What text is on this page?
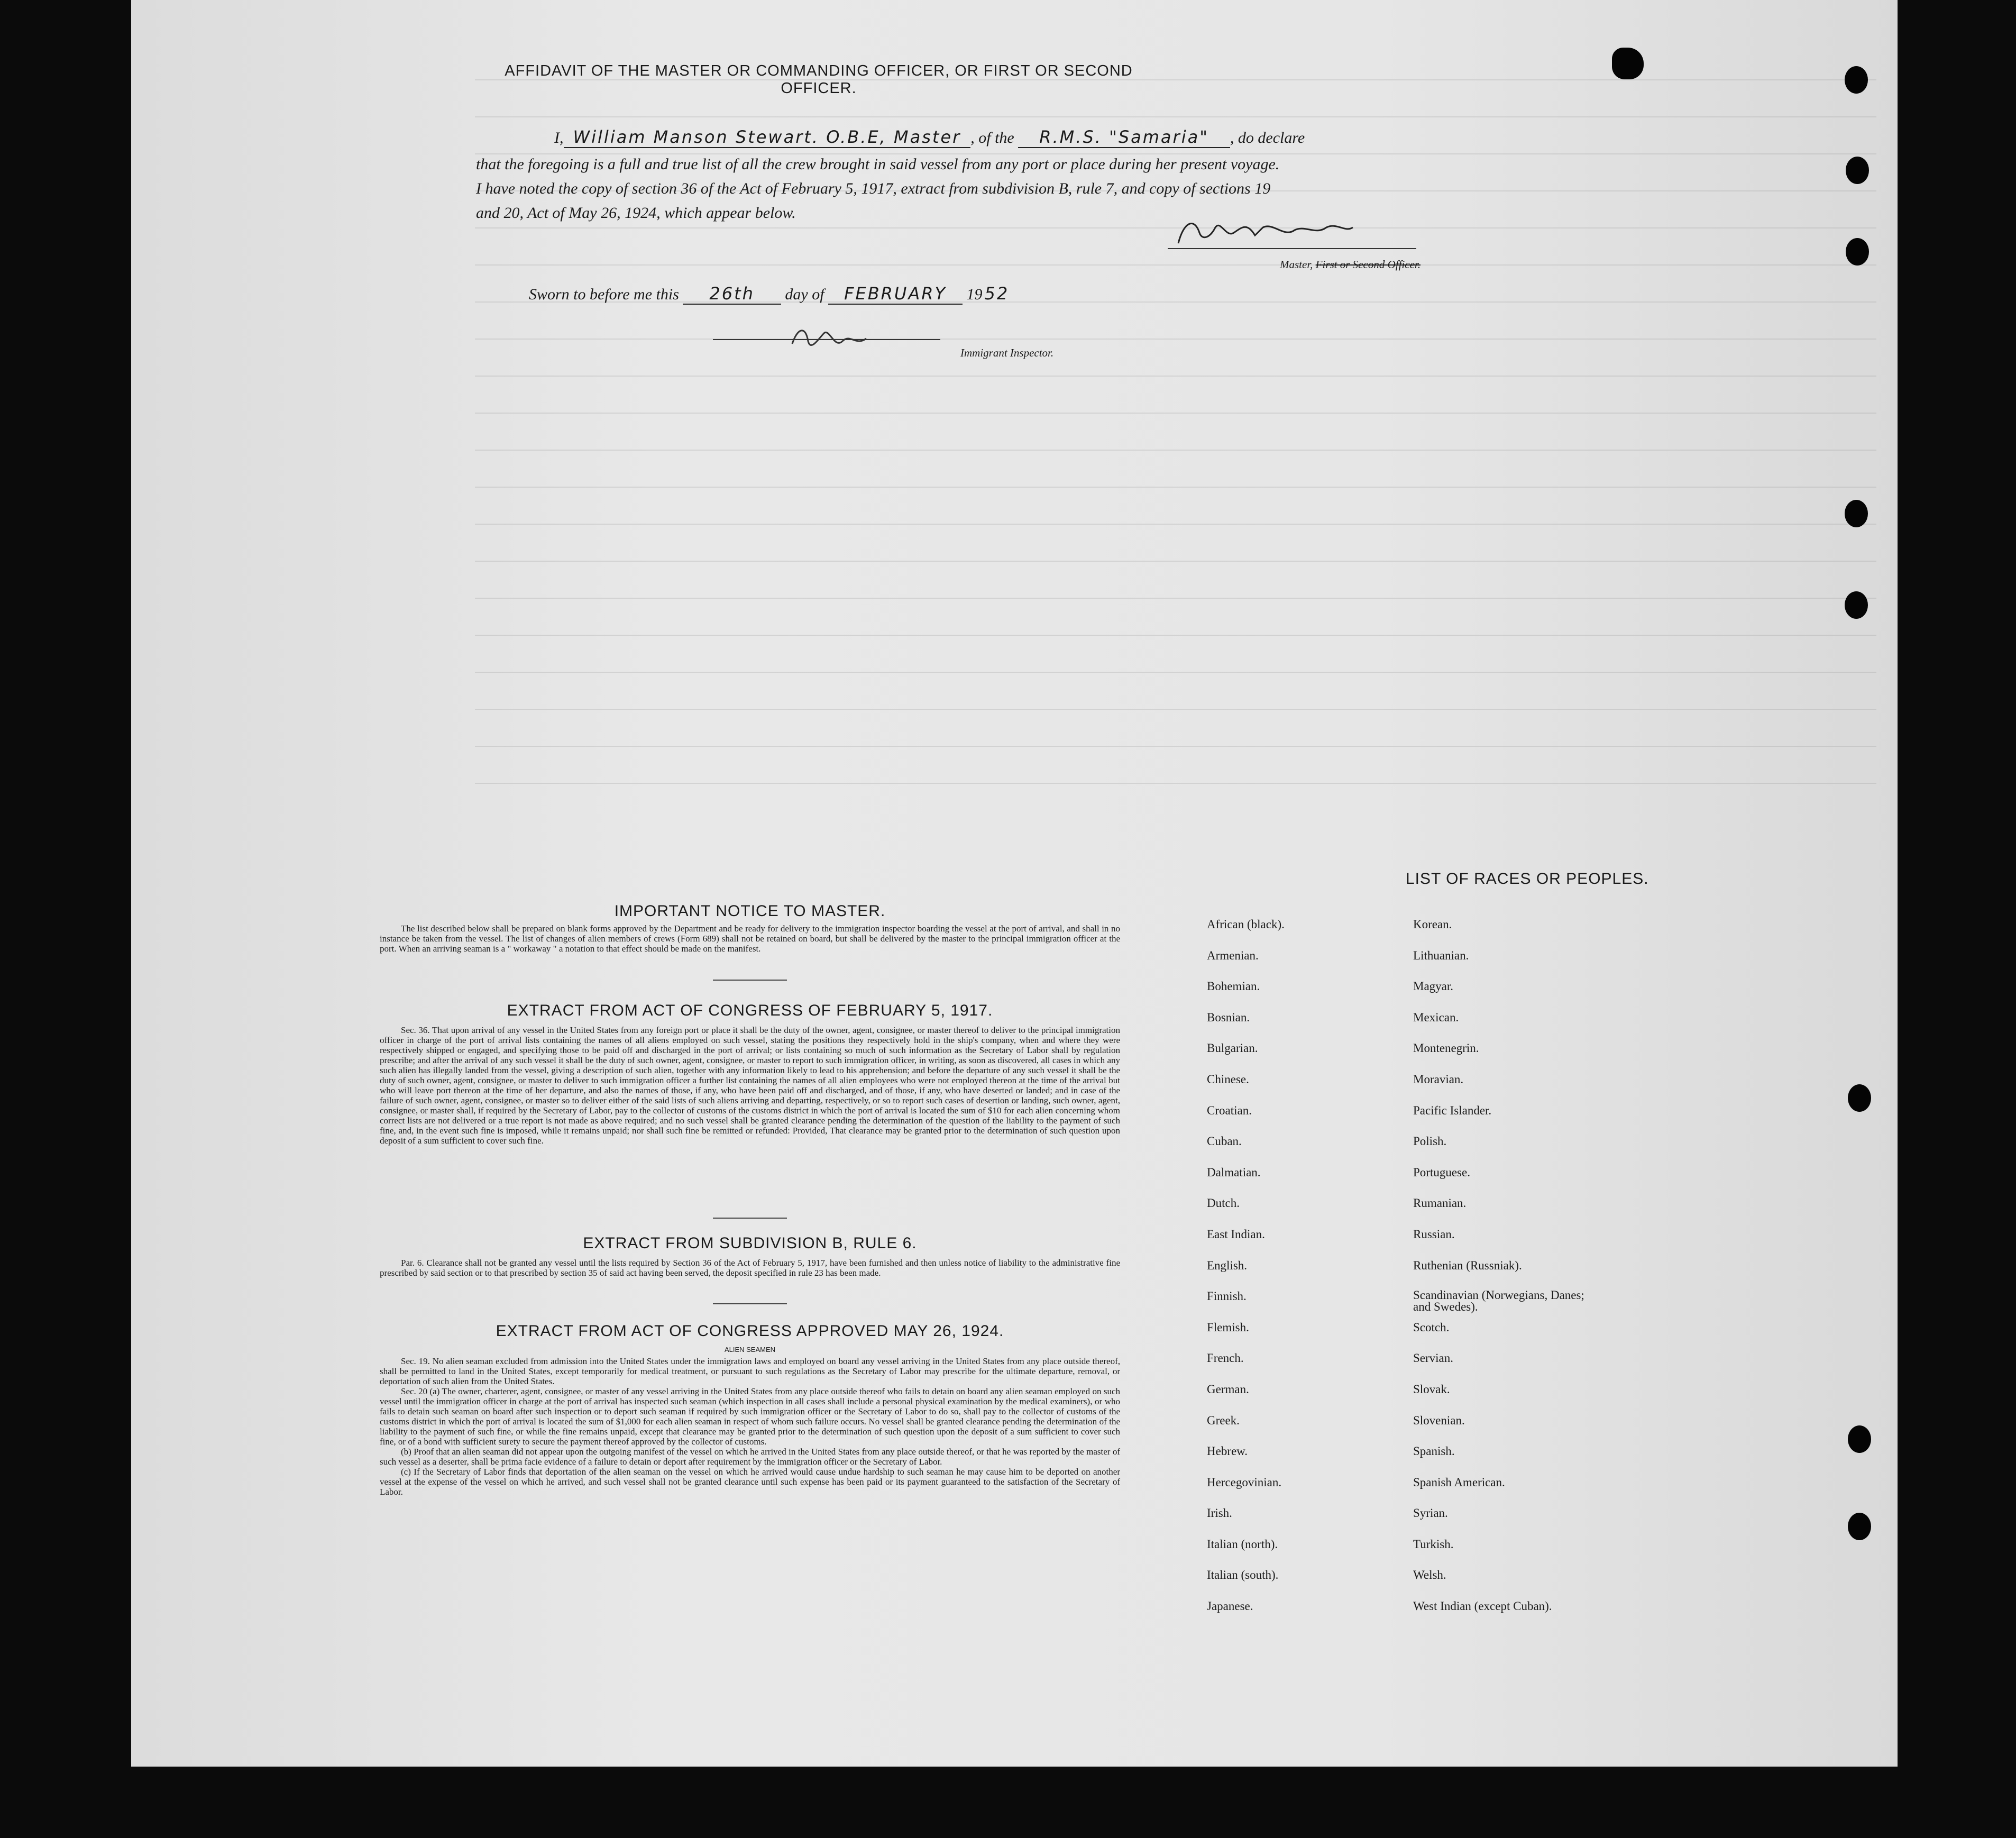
AFFIDAVIT OF THE MASTER OR COMMANDING OFFICER, OR FIRST OR SECOND OFFICER.
I, William Manson Stewart. O.B.E, Master , of the R.M.S. "Samaria" , do declare
that the foregoing is a full and true list of all the crew brought in said vessel from any port or place during her present voyage.
I have noted the copy of section 36 of the Act of February 5, 1917, extract from subdivision B, rule 7, and copy of sections 19
and 20, Act of May 26, 1924, which appear below.
Master, First or Second Officer.
Sworn to before me this 26th day of FEBRUARY 19 52
Immigrant Inspector.
IMPORTANT NOTICE TO MASTER.

The list described below shall be prepared on blank forms approved by the Department and be ready for delivery to the immigration inspector boarding the vessel at the port of arrival, and shall in no instance be taken from the vessel. The list of changes of alien members of crews (Form 689) shall not be retained on board, but shall be delivered by the master to the principal immigration officer at the port. When an arriving seaman is a " workaway " a notation to that effect should be made on the manifest.

EXTRACT FROM ACT OF CONGRESS OF FEBRUARY 5, 1917.

Sec. 36. That upon arrival of any vessel in the United States from any foreign port or place it shall be the duty of the owner, agent, consignee, or master thereof to deliver to the principal immigration officer in charge of the port of arrival lists containing the names of all aliens employed on such vessel, stating the positions they respectively hold in the ship's company, when and where they were respectively shipped or engaged, and specifying those to be paid off and discharged in the port of arrival; or lists containing so much of such information as the Secretary of Labor shall by regulation prescribe; and after the arrival of any such vessel it shall be the duty of such owner, agent, consignee, or master to report to such immigration officer, in writing, as soon as discovered, all cases in which any such alien has illegally landed from the vessel, giving a description of such alien, together with any information likely to lead to his apprehension; and before the departure of any such vessel it shall be the duty of such owner, agent, consignee, or master to deliver to such immigration officer a further list containing the names of all alien employees who were not employed thereon at the time of the arrival but who will leave port thereon at the time of her departure, and also the names of those, if any, who have been paid off and discharged, and of those, if any, who have deserted or landed; and in case of the failure of such owner, agent, consignee, or master so to deliver either of the said lists of such aliens arriving and departing, respectively, or so to report such cases of desertion or landing, such owner, agent, consignee, or master shall, if required by the Secretary of Labor, pay to the collector of customs of the customs district in which the port of arrival is located the sum of $10 for each alien concerning whom correct lists are not delivered or a true report is not made as above required; and no such vessel shall be granted clearance pending the determination of the question of the liability to the payment of such fine, and, in the event such fine is imposed, while it remains unpaid; nor shall such fine be remitted or refunded: Provided, That clearance may be granted prior to the determination of such question upon deposit of a sum sufficient to cover such fine.

EXTRACT FROM SUBDIVISION B, RULE 6.

Par. 6. Clearance shall not be granted any vessel until the lists required by Section 36 of the Act of February 5, 1917, have been furnished and then unless notice of liability to the administrative fine prescribed by said section or to that prescribed by section 35 of said act having been served, the deposit specified in rule 23 has been made.

EXTRACT FROM ACT OF CONGRESS APPROVED MAY 26, 1924.
ALIEN SEAMEN

Sec. 19. No alien seaman excluded from admission into the United States under the immigration laws and employed on board any vessel arriving in the United States from any place outside thereof, shall be permitted to land in the United States, except temporarily for medical treatment, or pursuant to such regulations as the Secretary of Labor may prescribe for the ultimate departure, removal, or deportation of such alien from the United States.

Sec. 20 (a) The owner, charterer, agent, consignee, or master of any vessel arriving in the United States from any place outside thereof who fails to detain on board any alien seaman employed on such vessel until the immigration officer in charge at the port of arrival has inspected such seaman (which inspection in all cases shall include a personal physical examination by the medical examiners), or who fails to detain such seaman on board after such inspection or to deport such seaman if required by such immigration officer or the Secretary of Labor to do so, shall pay to the collector of customs of the customs district in which the port of arrival is located the sum of $1,000 for each alien seaman in respect of whom such failure occurs. No vessel shall be granted clearance pending the determination of the liability to the payment of such fine, or while the fine remains unpaid, except that clearance may be granted prior to the determination of such question upon the deposit of a sum sufficient to cover such fine, or of a bond with sufficient surety to secure the payment thereof approved by the collector of customs.

(b) Proof that an alien seaman did not appear upon the outgoing manifest of the vessel on which he arrived in the United States from any place outside thereof, or that he was reported by the master of such vessel as a deserter, shall be prima facie evidence of a failure to detain or deport after requirement by the immigration officer or the Secretary of Labor.

(c) If the Secretary of Labor finds that deportation of the alien seaman on the vessel on which he arrived would cause undue hardship to such seaman he may cause him to be deported on another vessel at the expense of the vessel on which he arrived, and such vessel shall not be granted clearance until such expense has been paid or its payment guaranteed to the satisfaction of the Secretary of Labor.

LIST OF RACES OR PEOPLES.
African (black).
Armenian.
Bohemian.
Bosnian.
Bulgarian.
Chinese.
Croatian.
Cuban.
Dalmatian.
Dutch.
East Indian.
English.
Finnish.
Flemish.
French.
German.
Greek.
Hebrew.
Hercegovinian.
Irish.
Italian (north).
Italian (south).
Japanese.
Korean.
Lithuanian.
Magyar.
Mexican.
Montenegrin.
Moravian.
Pacific Islander.
Polish.
Portuguese.
Rumanian.
Russian.
Ruthenian (Russniak).
Scandinavian (Norwegians, Danes; and Swedes).
Scotch.
Servian.
Slovak.
Slovenian.
Spanish.
Spanish American.
Syrian.
Turkish.
Welsh.
West Indian (except Cuban).
